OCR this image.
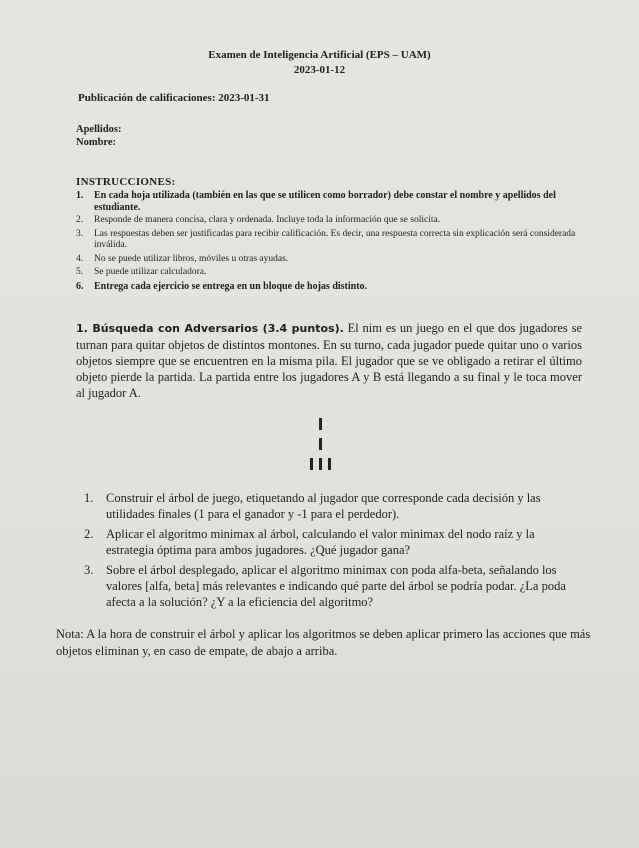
Examen de Inteligencia Artificial (EPS – UAM)
2023-01-12
Publicación de calificaciones: 2023-01-31
Apellidos:
Nombre:
INSTRUCCIONES:
1. En cada hoja utilizada (también en las que se utilicen como borrador) debe constar el nombre y apellidos del estudiante.
2. Responde de manera concisa, clara y ordenada. Incluye toda la información que se solicita.
3. Las respuestas deben ser justificadas para recibir calificación. Es decir, una respuesta correcta sin explicación será considerada inválida.
4. No se puede utilizar libros, móviles u otras ayudas.
5. Se puede utilizar calculadora.
6. Entrega cada ejercicio se entrega en un bloque de hojas distinto.
1. Búsqueda con Adversarios (3.4 puntos). El nim es un juego en el que dos jugadores se turnan para quitar objetos de distintos montones. En su turno, cada jugador puede quitar uno o varios objetos siempre que se encuentren en la misma pila. El jugador que se ve obligado a retirar el último objeto pierde la partida. La partida entre los jugadores A y B está llegando a su final y le toca mover al jugador A.
1. Construir el árbol de juego, etiquetando al jugador que corresponde cada decisión y las utilidades finales (1 para el ganador y -1 para el perdedor).
2. Aplicar el algoritmo minimax al árbol, calculando el valor minimax del nodo raíz y la estrategia óptima para ambos jugadores. ¿Qué jugador gana?
3. Sobre el árbol desplegado, aplicar el algoritmo minimax con poda alfa-beta, señalando los valores [alfa, beta] más relevantes e indicando qué parte del árbol se podría podar. ¿La poda afecta a la solución? ¿Y a la eficiencia del algoritmo?
Nota: A la hora de construir el árbol y aplicar los algoritmos se deben aplicar primero las acciones que más objetos eliminan y, en caso de empate, de abajo a arriba.
